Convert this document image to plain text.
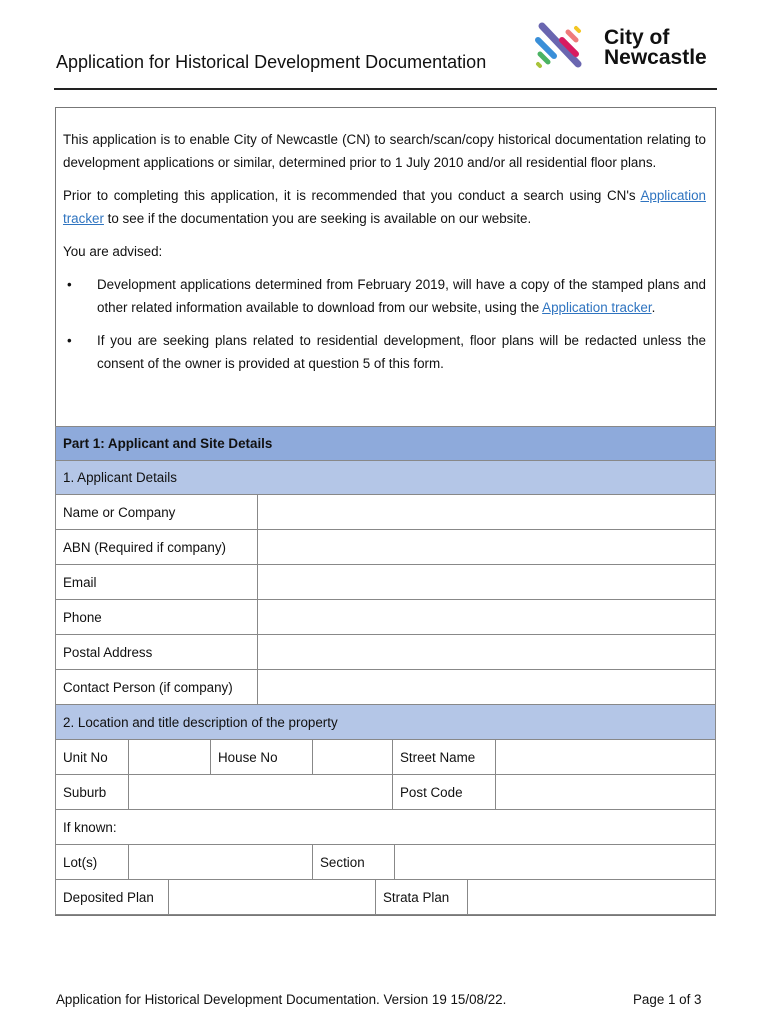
Application for Historical Development Documentation
City of
Newcastle

This application is to enable City of Newcastle (CN) to search/scan/copy historical documentation relating to development applications or similar, determined prior to 1 July 2010 and/or all residential floor plans.

Prior to completing this application, it is recommended that you conduct a search using CN's Application tracker to see if the documentation you are seeking is available on our website.

You are advised:

•	Development applications determined from February 2019, will have a copy of the stamped plans and other related information available to download from our website, using the Application tracker.
•	If you are seeking plans related to residential development, floor plans will be redacted unless the consent of the owner is provided at question 5 of this form.
Part 1: Applicant and Site Details
1. Applicant Details
Name or Company
ABN (Required if company)
Email
Phone
Postal Address
Contact Person (if company)
2. Location and title description of the property
Unit No	House No	Street Name
Suburb	Post Code
If known:
Lot(s)	Section
Deposited Plan	Strata Plan
Application for Historical Development Documentation. Version 19 15/08/22.	Page 1 of 3
